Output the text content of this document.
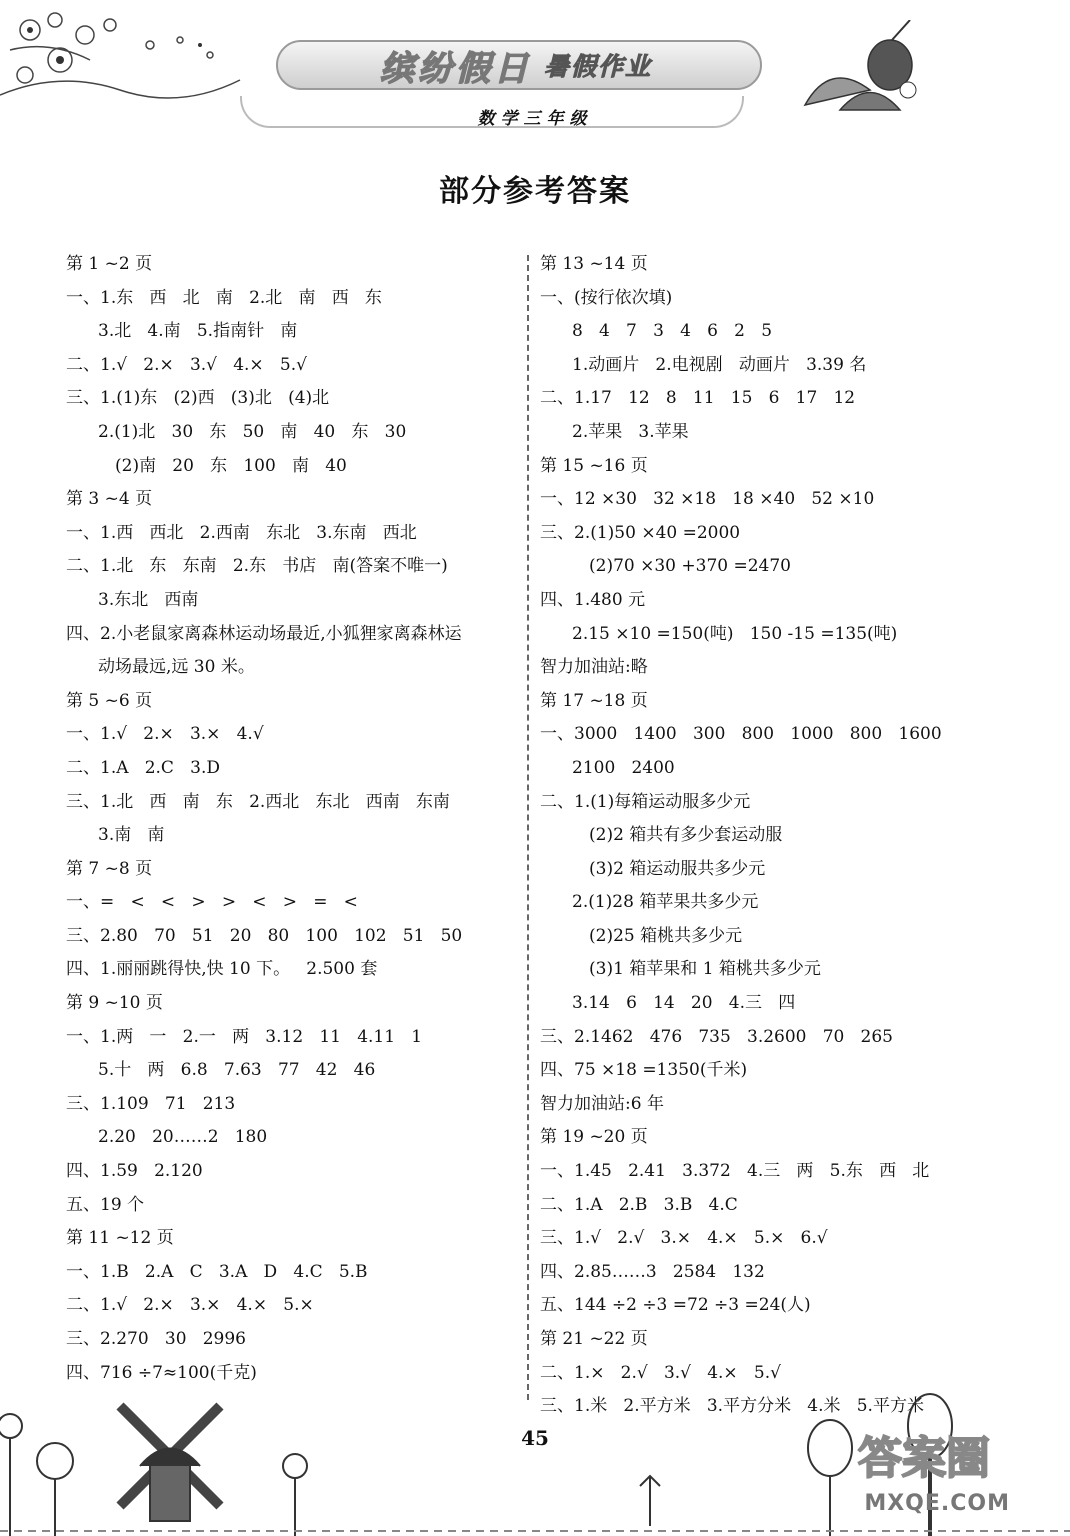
缤纷假日 暑假作业
数学三年级
部分参考答案
第 1 ~2 页
一、1.东   西   北   南   2.北   南   西   东
3.北   4.南   5.指南针   南
二、1.√   2.×   3.√   4.×   5.√
三、1.(1)东   (2)西   (3)北   (4)北
2.(1)北   30   东   50   南   40   东   30
(2)南   20   东   100   南   40
第 3 ~4 页
一、1.西   西北   2.西南   东北   3.东南   西北
二、1.北   东   东南   2.东   书店   南(答案不唯一)
3.东北   西南
四、2.小老鼠家离森林运动场最近,小狐狸家离森林运
动场最远,远 30 米。
第 5 ~6 页
一、1.√   2.×   3.×   4.√
二、1.A   2.C   3.D
三、1.北   西   南   东   2.西北   东北   西南   东南
3.南   南
第 7 ~8 页
一、=   <   <   >   >   <   >   =   <
三、2.80   70   51   20   80   100   102   51   50
四、1.丽丽跳得快,快 10 下。   2.500 套
第 9 ~10 页
一、1.两   一   2.一   两   3.12   11   4.11   1
5.十   两   6.8   7.63   77   42   46
三、1.109   71   213
2.20   20……2   180
四、1.59   2.120
五、19 个
第 11 ~12 页
一、1.B   2.A   C   3.A   D   4.C   5.B
二、1.√   2.×   3.×   4.×   5.×
三、2.270   30   2996
四、716 ÷7≈100(千克)
第 13 ~14 页
一、(按行依次填)
8   4   7   3   4   6   2   5
1.动画片   2.电视剧   动画片   3.39 名
二、1.17   12   8   11   15   6   17   12
2.苹果   3.苹果
第 15 ~16 页
一、12 ×30   32 ×18   18 ×40   52 ×10
三、2.(1)50 ×40 =2000
(2)70 ×30 +370 =2470
四、1.480 元
2.15 ×10 =150(吨)   150 -15 =135(吨)
智力加油站:略
第 17 ~18 页
一、3000   1400   300   800   1000   800   1600
2100   2400
二、1.(1)每箱运动服多少元
(2)2 箱共有多少套运动服
(3)2 箱运动服共多少元
2.(1)28 箱苹果共多少元
(2)25 箱桃共多少元
(3)1 箱苹果和 1 箱桃共多少元
3.14   6   14   20   4.三   四
三、2.1462   476   735   3.2600   70   265
四、75 ×18 =1350(千米)
智力加油站:6 年
第 19 ~20 页
一、1.45   2.41   3.372   4.三   两   5.东   西   北
二、1.A   2.B   3.B   4.C
三、1.√   2.√   3.×   4.×   5.×   6.√
四、2.85……3   2584   132
五、144 ÷2 ÷3 =72 ÷3 =24(人)
第 21 ~22 页
二、1.×   2.√   3.√   4.×   5.√
三、1.米   2.平方米   3.平方分米   4.米   5.平方米
45	答案圈
MXQE.COM
